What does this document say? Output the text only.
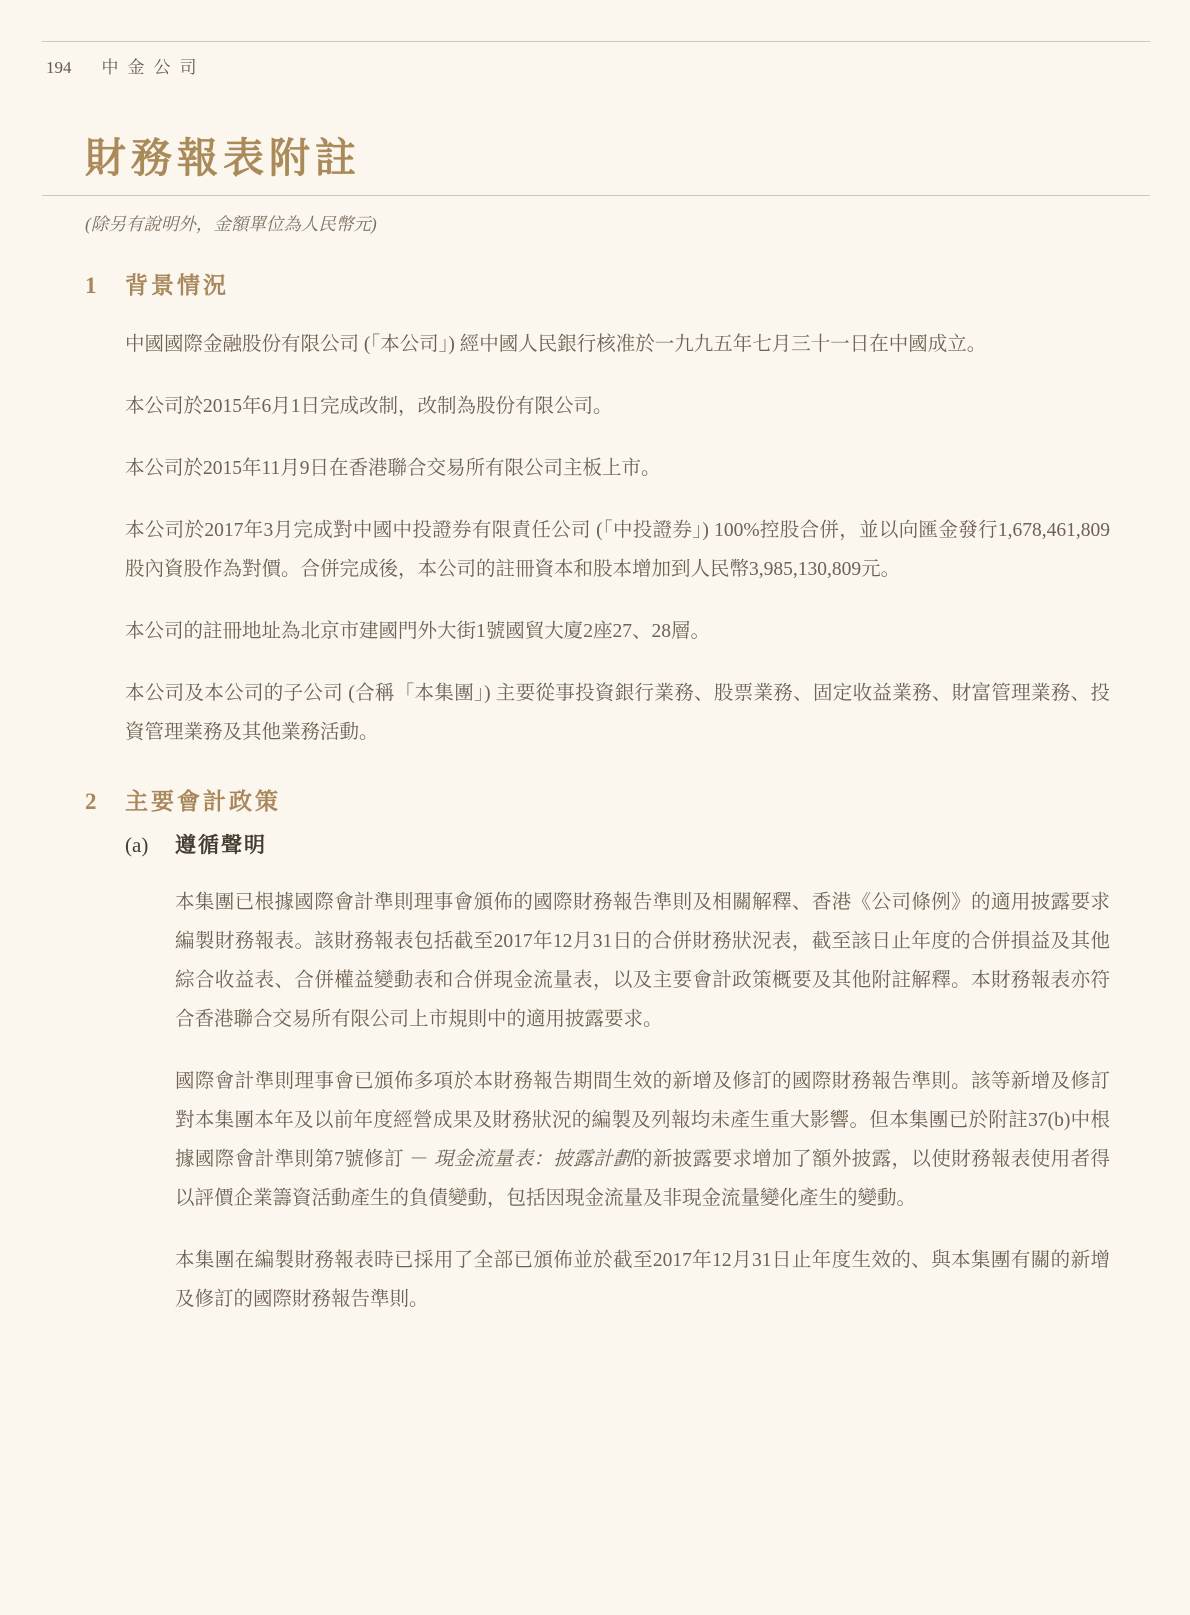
194 中金公司
財務報表附註
(除另有說明外，金額單位為人民幣元)
1	背景情況

中國國際金融股份有限公司 (「本公司」) 經中國人民銀行核准於一九九五年七月三十一日在中國成立。

本公司於2015年6月1日完成改制，改制為股份有限公司。

本公司於2015年11月9日在香港聯合交易所有限公司主板上市。

本公司於2017年3月完成對中國中投證券有限責任公司 (「中投證券」) 100%控股合併，並以向匯金發行1,678,461,809股內資股作為對價。合併完成後，本公司的註冊資本和股本增加到人民幣3,985,130,809元。

本公司的註冊地址為北京市建國門外大街1號國貿大廈2座27、28層。

本公司及本公司的子公司 (合稱「本集團」) 主要從事投資銀行業務、股票業務、固定收益業務、財富管理業務、投資管理業務及其他業務活動。

2	主要會計政策
(a)	遵循聲明

本集團已根據國際會計準則理事會頒佈的國際財務報告準則及相關解釋、香港《公司條例》的適用披露要求編製財務報表。該財務報表包括截至2017年12月31日的合併財務狀況表，截至該日止年度的合併損益及其他綜合收益表、合併權益變動表和合併現金流量表，以及主要會計政策概要及其他附註解釋。本財務報表亦符合香港聯合交易所有限公司上市規則中的適用披露要求。

國際會計準則理事會已頒佈多項於本財務報告期間生效的新增及修訂的國際財務報告準則。該等新增及修訂對本集團本年及以前年度經營成果及財務狀況的編製及列報均未產生重大影響。但本集團已於附註37(b)中根據國際會計準則第7號修訂 － 現金流量表：披露計劃的新披露要求增加了額外披露，以使財務報表使用者得以評價企業籌資活動產生的負債變動，包括因現金流量及非現金流量變化產生的變動。

本集團在編製財務報表時已採用了全部已頒佈並於截至2017年12月31日止年度生效的、與本集團有關的新增及修訂的國際財務報告準則。
